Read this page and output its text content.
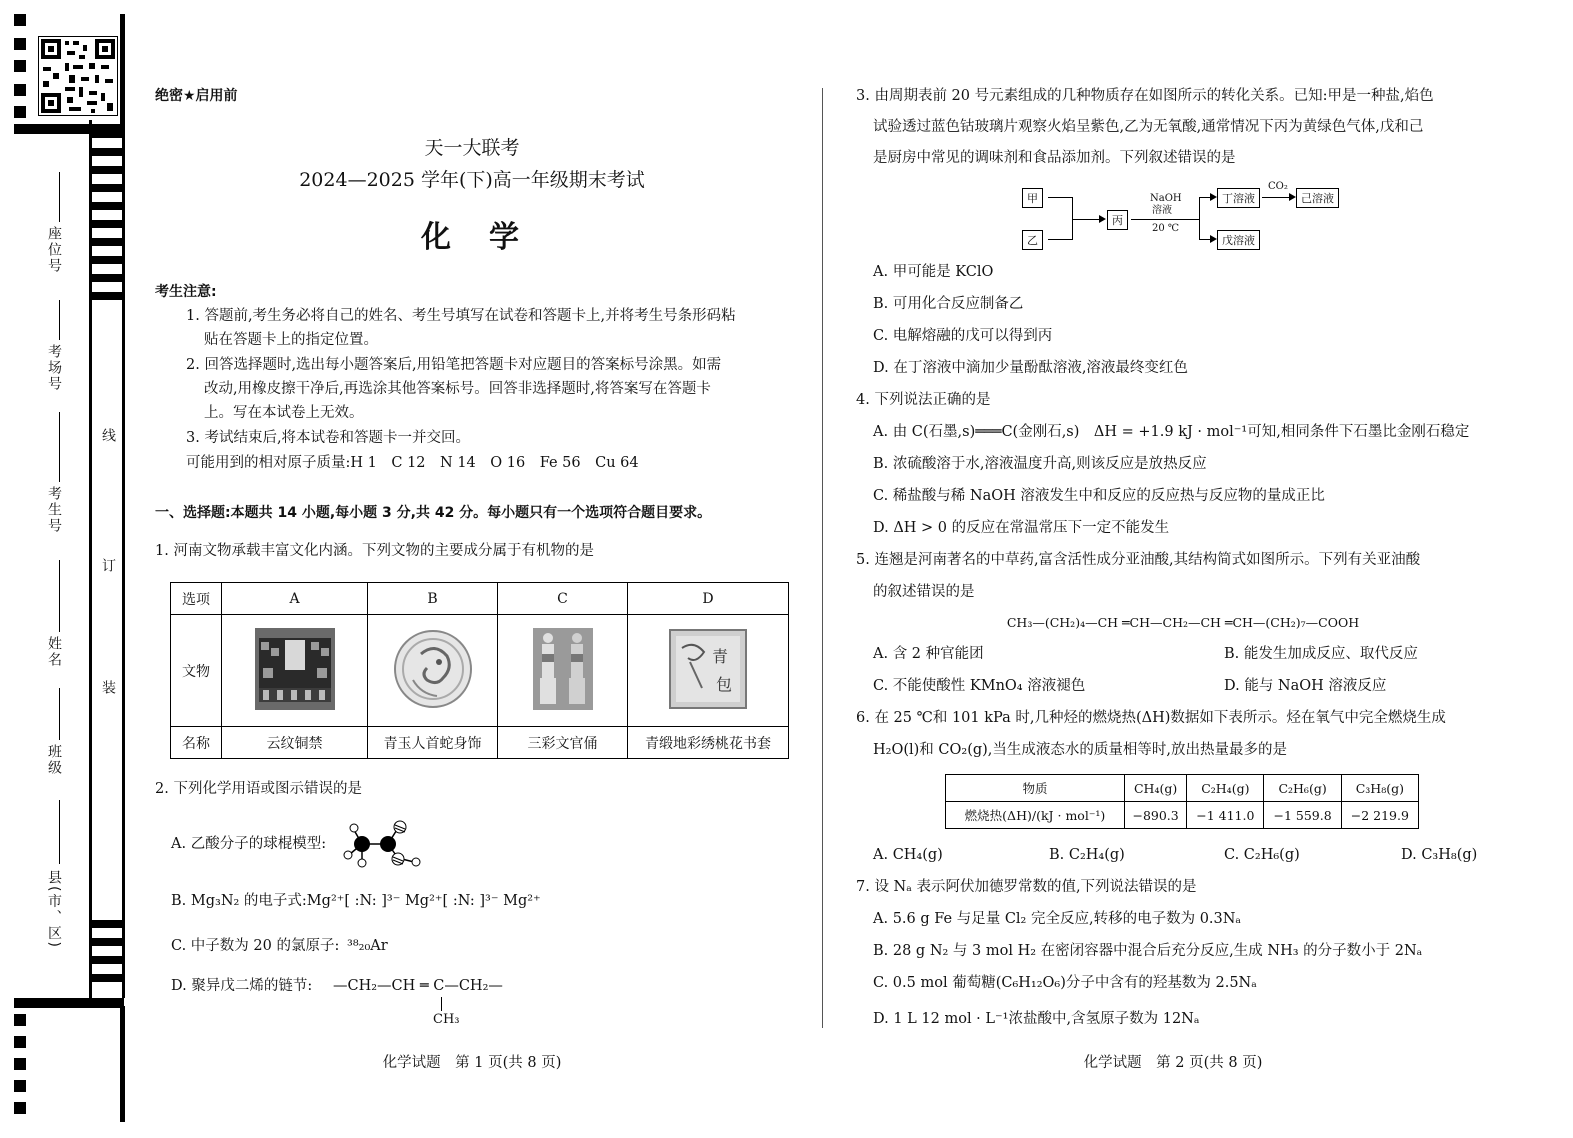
线
订
装
座位号
考场号
考生号
姓名
班级
县(市、区)
绝密★启用前
天一大联考
2024—2025 学年(下)高一年级期末考试
化　学
考生注意:
1. 答题前,考生务必将自己的姓名、考生号填写在试卷和答题卡上,并将考生号条形码粘
贴在答题卡上的指定位置。
2. 回答选择题时,选出每小题答案后,用铅笔把答题卡对应题目的答案标号涂黑。如需
改动,用橡皮擦干净后,再选涂其他答案标号。回答非选择题时,将答案写在答题卡
上。写在本试卷上无效。
3. 考试结束后,将本试卷和答题卡一并交回。
可能用到的相对原子质量:H 1　C 12　N 14　O 16　Fe 56　Cu 64
一、选择题:本题共 14 小题,每小题 3 分,共 42 分。每小题只有一个选项符合题目要求。
1. 河南文物承载丰富文化内涵。下列文物的主要成分属于有机物的是
选项	A	B	C	D
文物				青
包

名称	云纹铜禁	青玉人首蛇身饰	三彩文官俑	青缎地彩绣桃花书套
2. 下列化学用语或图示错误的是
A. 乙酸分子的球棍模型:
B. Mg₃N₂ 的电子式:Mg²⁺[ :N: ]³⁻ Mg²⁺[ :N: ]³⁻ Mg²⁺
C. 中子数为 20 的氯原子: ³⁸₂₀Ar
D. 聚异戊二烯的链节: —CH₂—CH ═ C—CH₂—
CH₃
化学试题　第 1 页(共 8 页)
3. 由周期表前 20 号元素组成的几种物质存在如图所示的转化关系。已知:甲是一种盐,焰色
试验透过蓝色钴玻璃片观察火焰呈紫色,乙为无氧酸,通常情况下丙为黄绿色气体,戊和己
是厨房中常见的调味剂和食品添加剂。下列叙述错误的是
甲
乙
丙
NaOH
溶液
20 ℃
丁溶液
戊溶液
CO₂
己溶液
A. 甲可能是 KClO
B. 可用化合反应制备乙
C. 电解熔融的戊可以得到丙
D. 在丁溶液中滴加少量酚酞溶液,溶液最终变红色
4. 下列说法正确的是
A. 由 C(石墨,s)═══C(金刚石,s)　ΔH = +1.9 kJ · mol⁻¹可知,相同条件下石墨比金刚石稳定
B. 浓硫酸溶于水,溶液温度升高,则该反应是放热反应
C. 稀盐酸与稀 NaOH 溶液发生中和反应的反应热与反应物的量成正比
D. ΔH > 0 的反应在常温常压下一定不能发生
5. 连翘是河南著名的中草药,富含活性成分亚油酸,其结构简式如图所示。下列有关亚油酸
的叙述错误的是
CH₃—(CH₂)₄—CH ═CH—CH₂—CH ═CH—(CH₂)₇—COOH
A. 含 2 种官能团	B. 能发生加成反应、取代反应
C. 不能使酸性 KMnO₄ 溶液褪色	D. 能与 NaOH 溶液反应
6. 在 25 ℃和 101 kPa 时,几种烃的燃烧热(ΔH)数据如下表所示。烃在氧气中完全燃烧生成
H₂O(l)和 CO₂(g),当生成液态水的质量相等时,放出热量最多的是
物质	CH₄(g)	C₂H₄(g)	C₂H₆(g)	C₃H₈(g)
燃烧热(ΔH)/(kJ · mol⁻¹)	−890.3	−1 411.0	−1 559.8	−2 219.9
A. CH₄(g)	B. C₂H₄(g)	C. C₂H₆(g)	D. C₃H₈(g)
7. 设 Nₐ 表示阿伏加德罗常数的值,下列说法错误的是
A. 5.6 g Fe 与足量 Cl₂ 完全反应,转移的电子数为 0.3Nₐ
B. 28 g N₂ 与 3 mol H₂ 在密闭容器中混合后充分反应,生成 NH₃ 的分子数小于 2Nₐ
C. 0.5 mol 葡萄糖(C₆H₁₂O₆)分子中含有的羟基数为 2.5Nₐ
D. 1 L 12 mol · L⁻¹浓盐酸中,含氢原子数为 12Nₐ
化学试题　第 2 页(共 8 页)
